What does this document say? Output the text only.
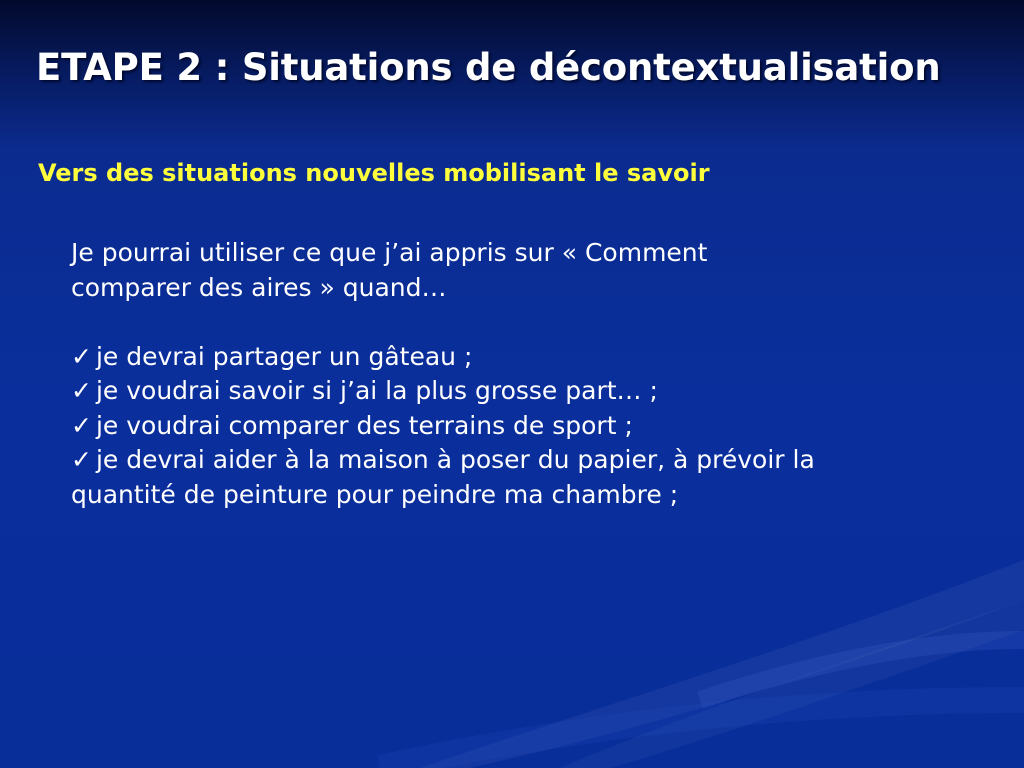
ETAPE 2 : Situations de décontextualisation
Vers des situations nouvelles mobilisant le savoir

Je pourrai utiliser ce que j’ai appris sur « Comment

comparer des aires » quand…

✓ je devrai partager un gâteau ;

✓ je voudrai savoir si j’ai la plus grosse part… ;

✓ je voudrai comparer des terrains de sport ;

✓ je devrai aider à la maison à poser du papier, à prévoir la

quantité de peinture pour peindre ma chambre ;
